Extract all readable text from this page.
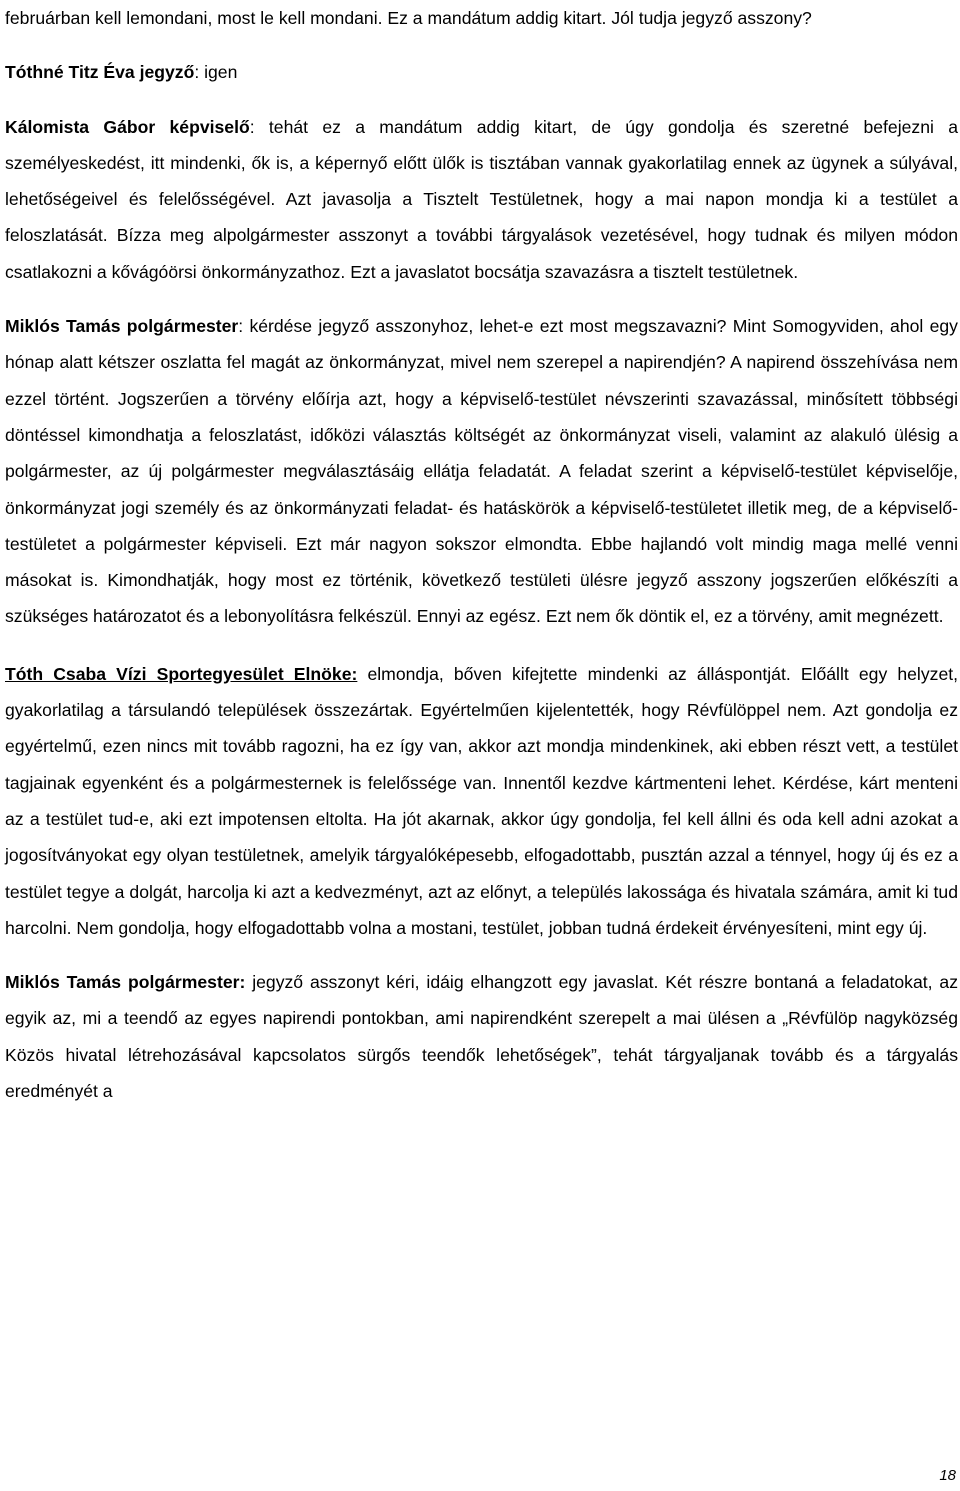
februárban kell lemondani, most le kell mondani. Ez a mandátum addig kitart. Jól tudja jegyző asszony?

Tóthné Titz Éva jegyző: igen

Kálomista Gábor képviselő: tehát ez a mandátum addig kitart, de úgy gondolja és szeretné befejezni a személyeskedést, itt mindenki, ők is, a képernyő előtt ülők is tisztában vannak gyakorlatilag ennek az ügynek a súlyával, lehetőségeivel és felelősségével. Azt javasolja a Tisztelt Testületnek, hogy a mai napon mondja ki a testület a feloszlatását. Bízza meg alpolgármester asszonyt a további tárgyalások vezetésével, hogy tudnak és milyen módon csatlakozni a kővágóörsi önkormányzathoz. Ezt a javaslatot bocsátja szavazásra a tisztelt testületnek.

Miklós Tamás polgármester: kérdése jegyző asszonyhoz, lehet-e ezt most megszavazni? Mint Somogyviden, ahol egy hónap alatt kétszer oszlatta fel magát az önkormányzat, mivel nem szerepel a napirendjén? A napirend összehívása nem ezzel történt. Jogszerűen a törvény előírja azt, hogy a képviselő-testület névszerinti szavazással, minősített többségi döntéssel kimondhatja a feloszlatást, időközi választás költségét az önkormányzat viseli, valamint az alakuló ülésig a polgármester, az új polgármester megválasztásáig ellátja feladatát. A feladat szerint a képviselő-testület képviselője, önkormányzat jogi személy és az önkormányzati feladat- és hatáskörök a képviselő-testületet illetik meg, de a képviselő-testületet a polgármester képviseli. Ezt már nagyon sokszor elmondta. Ebbe hajlandó volt mindig maga mellé venni másokat is. Kimondhatják, hogy most ez történik, következő testületi ülésre jegyző asszony jogszerűen előkészíti a szükséges határozatot és a lebonyolításra felkészül. Ennyi az egész. Ezt nem ők döntik el, ez a törvény, amit megnézett.

Tóth Csaba Vízi Sportegyesület Elnöke: elmondja, bőven kifejtette mindenki az álláspontját. Előállt egy helyzet, gyakorlatilag a társulandó települések összezártak. Egyértelműen kijelentették, hogy Révfülöppel nem. Azt gondolja ez egyértelmű, ezen nincs mit tovább ragozni, ha ez így van, akkor azt mondja mindenkinek, aki ebben részt vett, a testület tagjainak egyenként és a polgármesternek is felelőssége van. Innentől kezdve kártmenteni lehet. Kérdése, kárt menteni az a testület tud-e, aki ezt impotensen eltolta. Ha jót akarnak, akkor úgy gondolja, fel kell állni és oda kell adni azokat a jogosítványokat egy olyan testületnek, amelyik tárgyalóképesebb, elfogadottabb, pusztán azzal a ténnyel, hogy új és ez a testület tegye a dolgát, harcolja ki azt a kedvezményt, azt az előnyt, a település lakossága és hivatala számára, amit ki tud harcolni. Nem gondolja, hogy elfogadottabb volna a mostani, testület, jobban tudná érdekeit érvényesíteni, mint egy új.

Miklós Tamás polgármester: jegyző asszonyt kéri, idáig elhangzott egy javaslat. Két részre bontaná a feladatokat, az egyik az, mi a teendő az egyes napirendi pontokban, ami napirendként szerepelt a mai ülésen a „Révfülöp nagyközség Közös hivatal létrehozásával kapcsolatos sürgős teendők lehetőségek”, tehát tárgyaljanak tovább és a tárgyalás eredményét a

18
